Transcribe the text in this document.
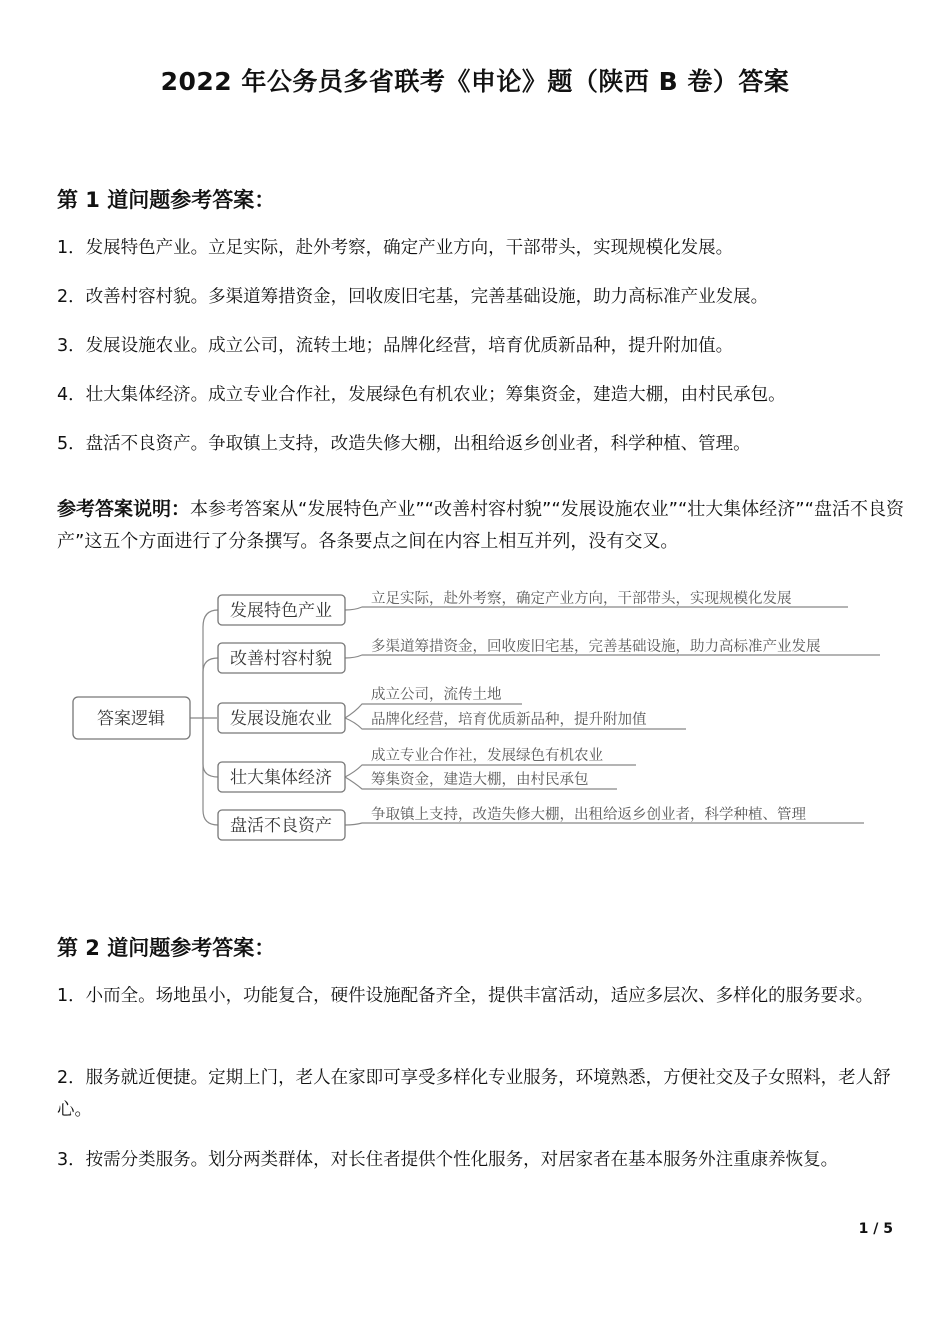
2022 年公务员多省联考《申论》题（陕西 B 卷）答案
第 1 道问题参考答案：
1．发展特色产业。立足实际，赴外考察，确定产业方向，干部带头，实现规模化发展。
2．改善村容村貌。多渠道筹措资金，回收废旧宅基，完善基础设施，助力高标准产业发展。
3．发展设施农业。成立公司，流转土地；品牌化经营，培育优质新品种，提升附加值。
4．壮大集体经济。成立专业合作社，发展绿色有机农业；筹集资金，建造大棚，由村民承包。
5．盘活不良资产。争取镇上支持，改造失修大棚，出租给返乡创业者，科学种植、管理。
参考答案说明：本参考答案从“发展特色产业”“改善村容村貌”“发展设施农业”“壮大集体经济”“盘活不良资产”这五个方面进行了分条撰写。各条要点之间在内容上相互并列，没有交叉。
答案逻辑
发展特色产业
改善村容村貌
发展设施农业
壮大集体经济
盘活不良资产
立足实际，赴外考察，确定产业方向，干部带头，实现规模化发展
多渠道筹措资金，回收废旧宅基，完善基础设施，助力高标准产业发展
成立公司，流传土地
品牌化经营，培育优质新品种，提升附加值
成立专业合作社，发展绿色有机农业
筹集资金，建造大棚，由村民承包
争取镇上支持，改造失修大棚，出租给返乡创业者，科学种植、管理
第 2 道问题参考答案：
1．小而全。场地虽小，功能复合，硬件设施配备齐全，提供丰富活动，适应多层次、多样化的服务要求。
2．服务就近便捷。定期上门，老人在家即可享受多样化专业服务，环境熟悉，方便社交及子女照料，老人舒心。
3．按需分类服务。划分两类群体，对长住者提供个性化服务，对居家者在基本服务外注重康养恢复。
1 / 5
